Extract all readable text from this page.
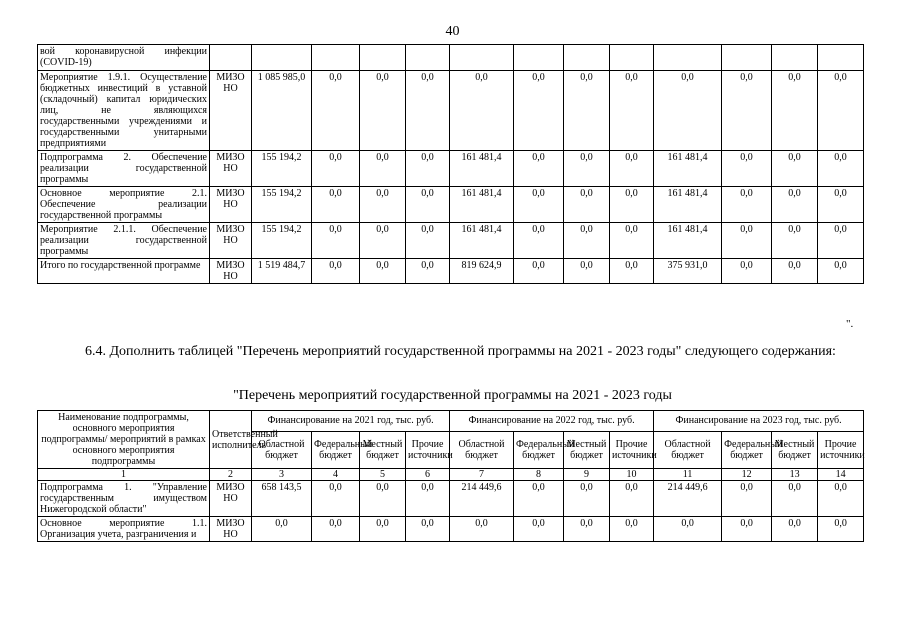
40
вой коронавирусной инфекции (COVID-19)													
Мероприятие 1.9.1. Осуществление бюджетных инвестиций в уставной (складочный) капитал юридических лиц, не являющихся государственными учреждениями и государственными унитарными предприятиями	МИЗО НО	1 085 985,0	0,0	0,0	0,0	0,0	0,0	0,0	0,0	0,0	0,0	0,0	0,0
Подпрограмма 2. Обеспечение реализации государственной программы	МИЗО НО	155 194,2	0,0	0,0	0,0	161 481,4	0,0	0,0	0,0	161 481,4	0,0	0,0	0,0
Основное мероприятие 2.1. Обеспечение реализации государственной программы	МИЗО НО	155 194,2	0,0	0,0	0,0	161 481,4	0,0	0,0	0,0	161 481,4	0,0	0,0	0,0
Мероприятие 2.1.1. Обеспечение реализации государственной программы	МИЗО НО	155 194,2	0,0	0,0	0,0	161 481,4	0,0	0,0	0,0	161 481,4	0,0	0,0	0,0
Итого по государственной программе	МИЗО НО	1 519 484,7	0,0	0,0	0,0	819 624,9	0,0	0,0	0,0	375 931,0	0,0	0,0	0,0
".
6.4. Дополнить таблицей "Перечень мероприятий государственной программы на 2021 - 2023 годы" следующего содержания:
"Перечень мероприятий государственной программы на 2021 - 2023 годы
Наименование подпрограммы, основного мероприятия подпрограммы/ мероприятий в рамках основного мероприятия подпрограммы	Ответственный исполнитель	Финансирование на 2021 год, тыс. руб.				Финансирование на 2022 год, тыс. руб.				Финансирование на 2023 год, тыс. руб.			
		Областной бюджет	Федеральный бюджет	Местный бюджет	Прочие источники	Областной бюджет	Федеральный бюджет	Местный бюджет	Прочие источники	Областной бюджет	Федеральный бюджет	Местный бюджет	Прочие источники
1	2	3	4	5	6	7	8	9	10	11	12	13	14
Подпрограмма 1. "Управление государственным имуществом Нижегородской области"	МИЗО НО	658 143,5	0,0	0,0	0,0	214 449,6	0,0	0,0	0,0	214 449,6	0,0	0,0	0,0
Основное мероприятие 1.1. Организация учета, разграничения и	МИЗО НО	0,0	0,0	0,0	0,0	0,0	0,0	0,0	0,0	0,0	0,0	0,0	0,0
